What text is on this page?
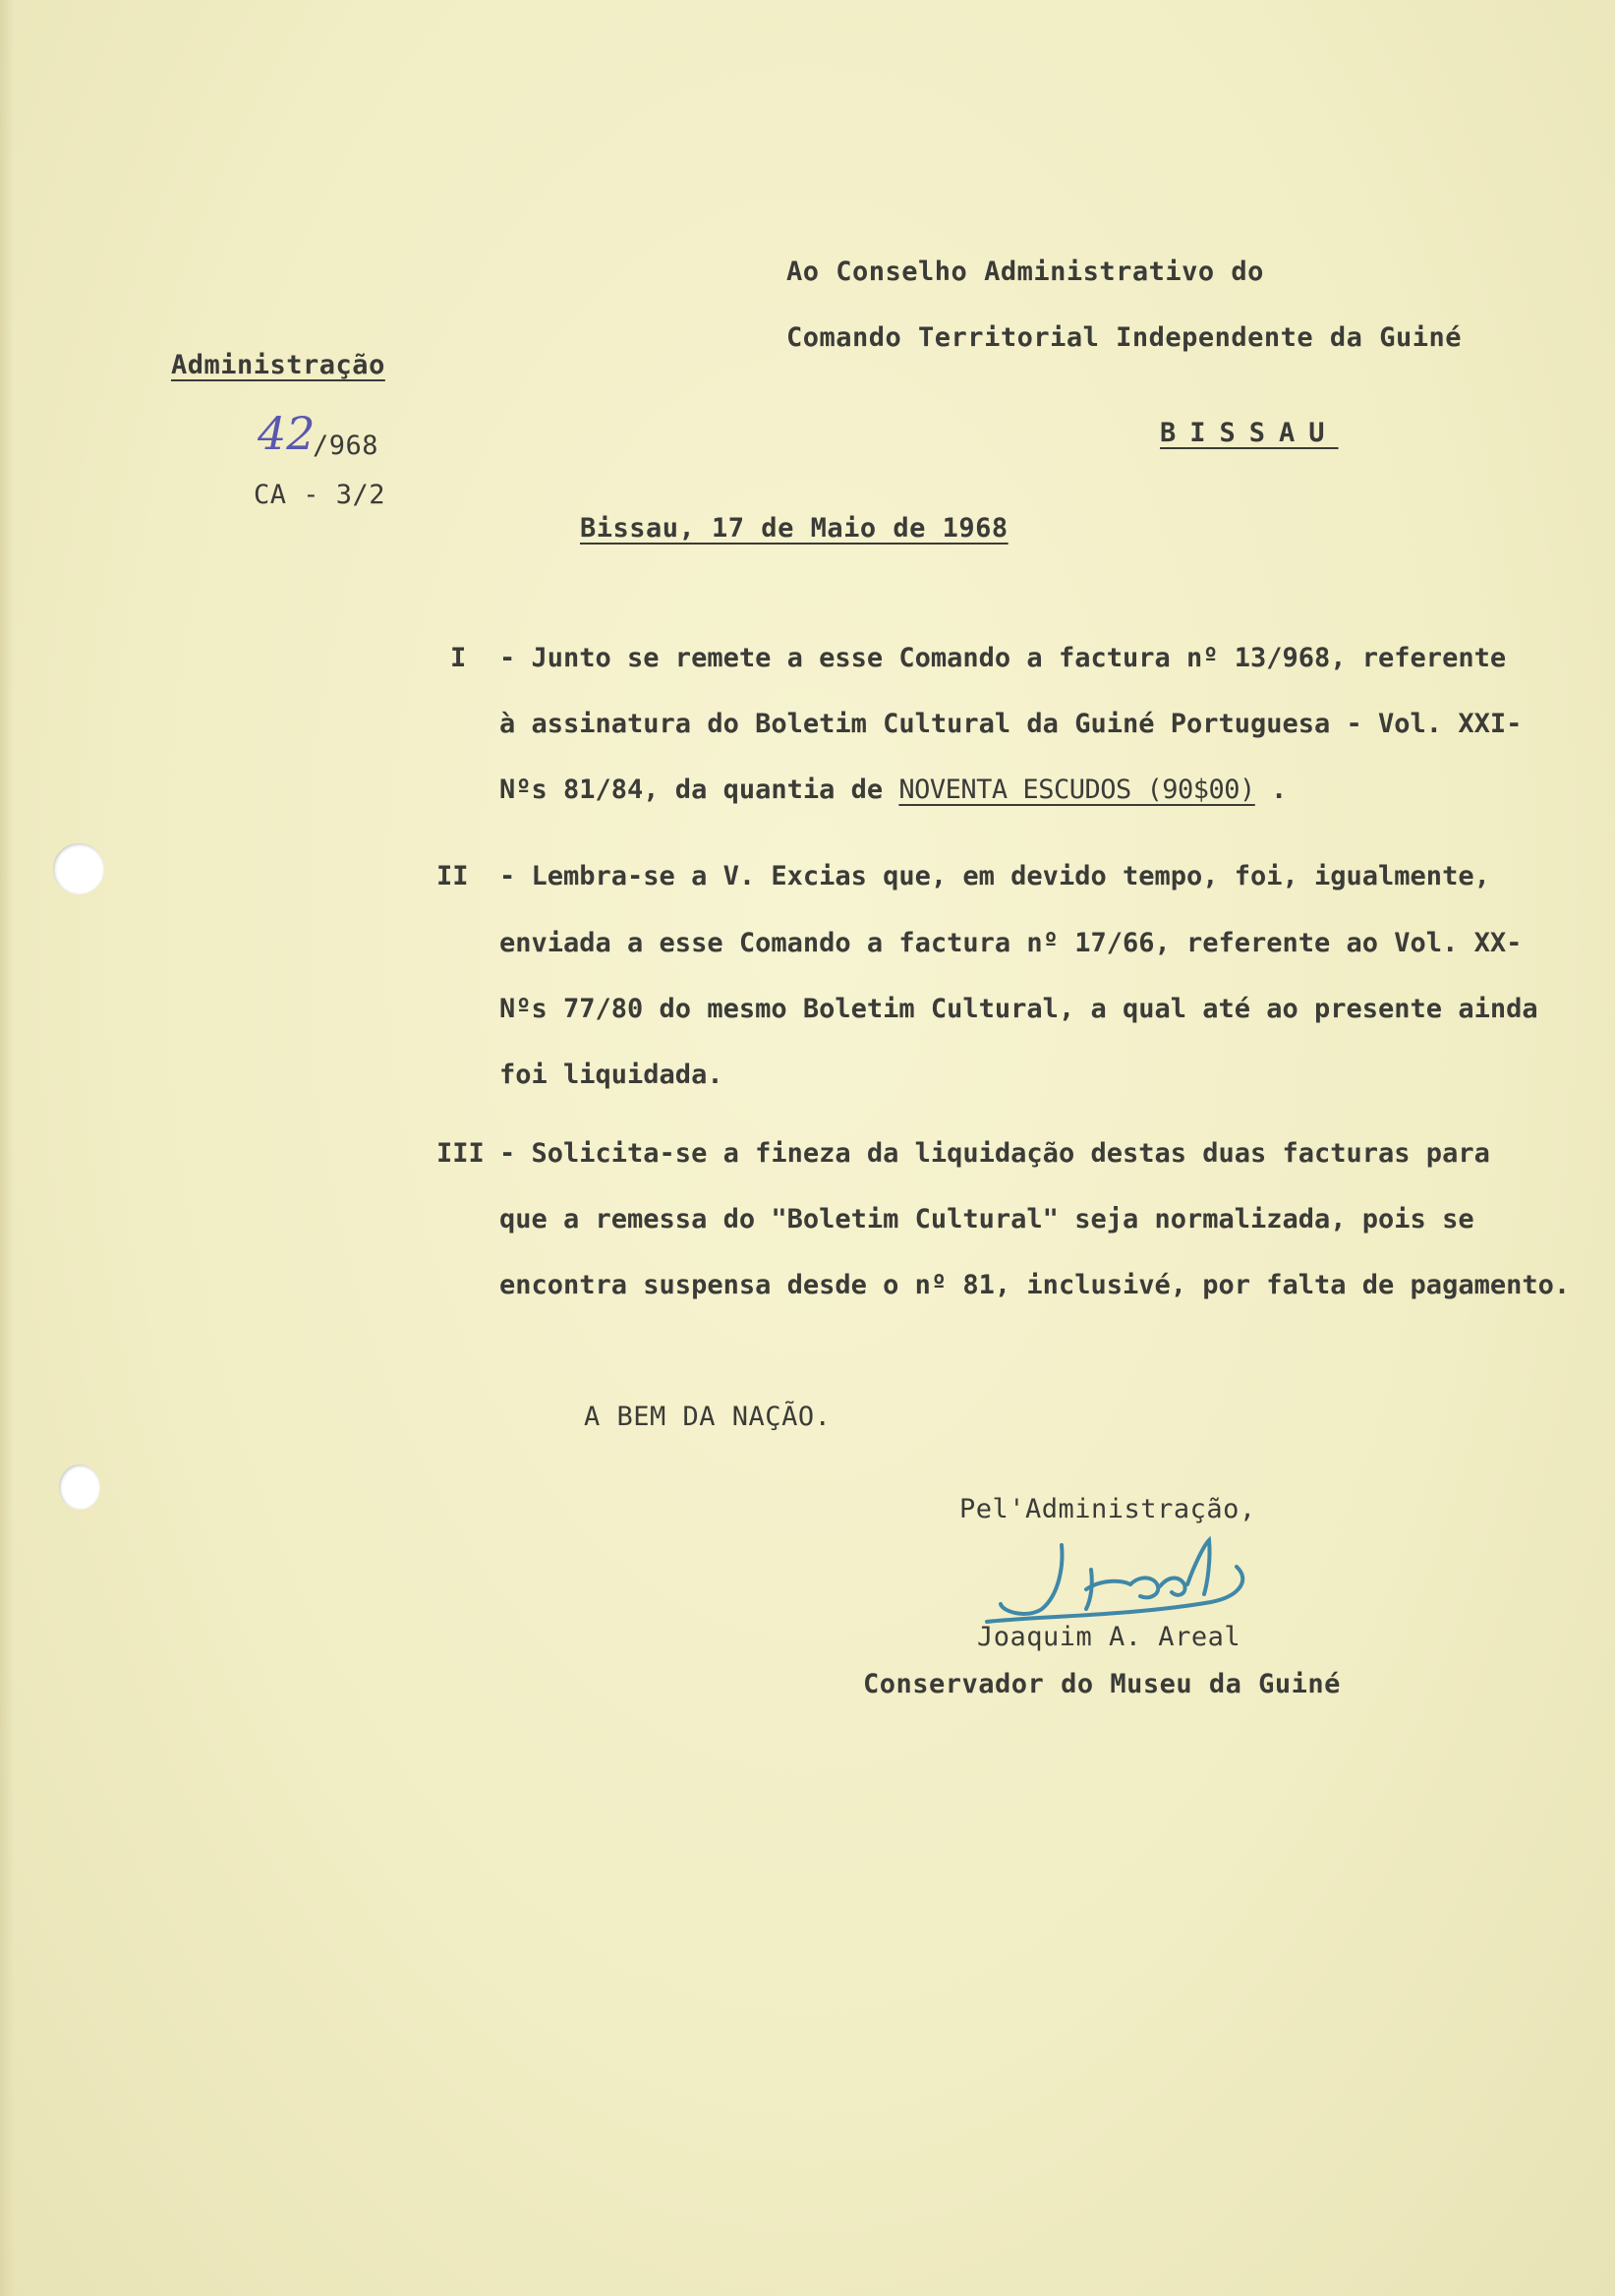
Ao Conselho Administrativo do
Comando Territorial Independente da Guiné
BISSAU
Administração
42
/968
CA - 3/2
Bissau, 17 de Maio de 1968
I - Junto se remete a esse Comando a factura nº 13/968, referente
à assinatura do Boletim Cultural da Guiné Portuguesa - Vol. XXI-
Nºs 81/84, da quantia de NOVENTA ESCUDOS (90$00) .
II - Lembra-se a V. Excias que, em devido tempo, foi, igualmente,
enviada a esse Comando a factura nº 17/66, referente ao Vol. XX-
Nºs 77/80 do mesmo Boletim Cultural, a qual até ao presente ainda
foi liquidada.
III - Solicita-se a fineza da liquidação destas duas facturas para
que a remessa do "Boletim Cultural" seja normalizada, pois se
encontra suspensa desde o nº 81, inclusivé, por falta de pagamento.
A BEM DA NAÇÃO.
Pel'Administração,
Joaquim A. Areal
Conservador do Museu da Guiné
